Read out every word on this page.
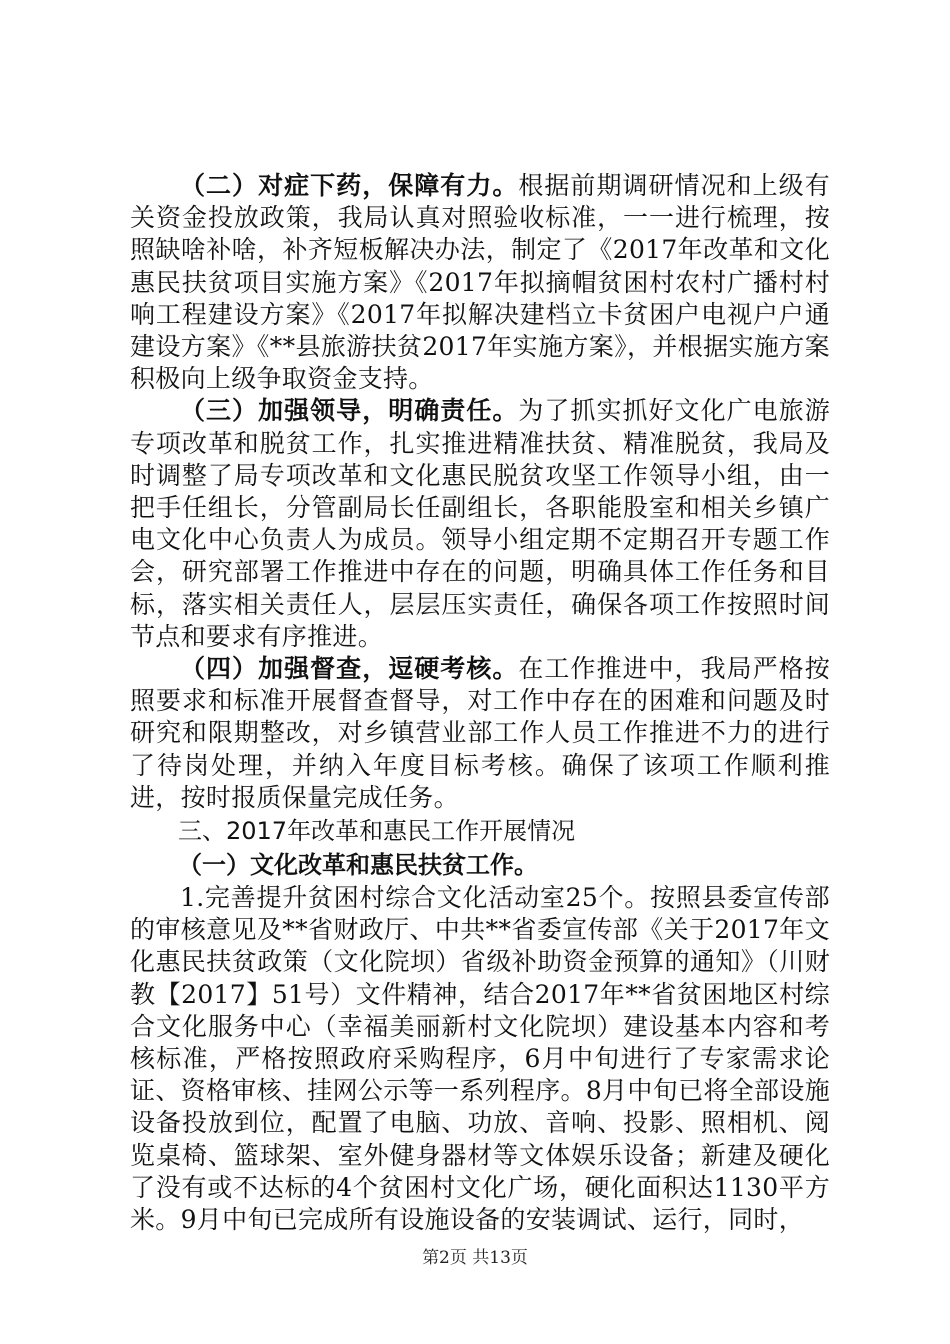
（二）对症下药，保障有力。根据前期调研情况和上级有关资金投放政策，我局认真对照验收标准，一一进行梳理，按照缺啥补啥，补齐短板解决办法，制定了《2017年改革和文化惠民扶贫项目实施方案》《2017年拟摘帽贫困村农村广播村村响工程建设方案》《2017年拟解决建档立卡贫困户电视户户通建设方案》《**县旅游扶贫2017年实施方案》，并根据实施方案积极向上级争取资金支持。

（三）加强领导，明确责任。为了抓实抓好文化广电旅游专项改革和脱贫工作，扎实推进精准扶贫、精准脱贫，我局及时调整了局专项改革和文化惠民脱贫攻坚工作领导小组，由一把手任组长，分管副局长任副组长，各职能股室和相关乡镇广电文化中心负责人为成员。领导小组定期不定期召开专题工作会，研究部署工作推进中存在的问题，明确具体工作任务和目标，落实相关责任人，层层压实责任，确保各项工作按照时间节点和要求有序推进。

（四）加强督查，逗硬考核。在工作推进中，我局严格按照要求和标准开展督查督导，对工作中存在的困难和问题及时研究和限期整改，对乡镇营业部工作人员工作推进不力的进行了待岗处理，并纳入年度目标考核。确保了该项工作顺利推进，按时报质保量完成任务。

三、2017年改革和惠民工作开展情况

（一）文化改革和惠民扶贫工作。

1.完善提升贫困村综合文化活动室25个。按照县委宣传部的审核意见及**省财政厅、中共**省委宣传部《关于2017年文化惠民扶贫政策（文化院坝）省级补助资金预算的通知》（川财教【2017】51号）文件精神，结合2017年**省贫困地区村综合文化服务中心（幸福美丽新村文化院坝）建设基本内容和考核标准，严格按照政府采购程序，6月中旬进行了专家需求论证、资格审核、挂网公示等一系列程序。8月中旬已将全部设施设备投放到位，配置了电脑、功放、音响、投影、照相机、阅览桌椅、篮球架、室外健身器材等文体娱乐设备；新建及硬化了没有或不达标的4个贫困村文化广场，硬化面积达1130平方米。9月中旬已完成所有设施设备的安装调试、运行，同时，

第2页 共13页
